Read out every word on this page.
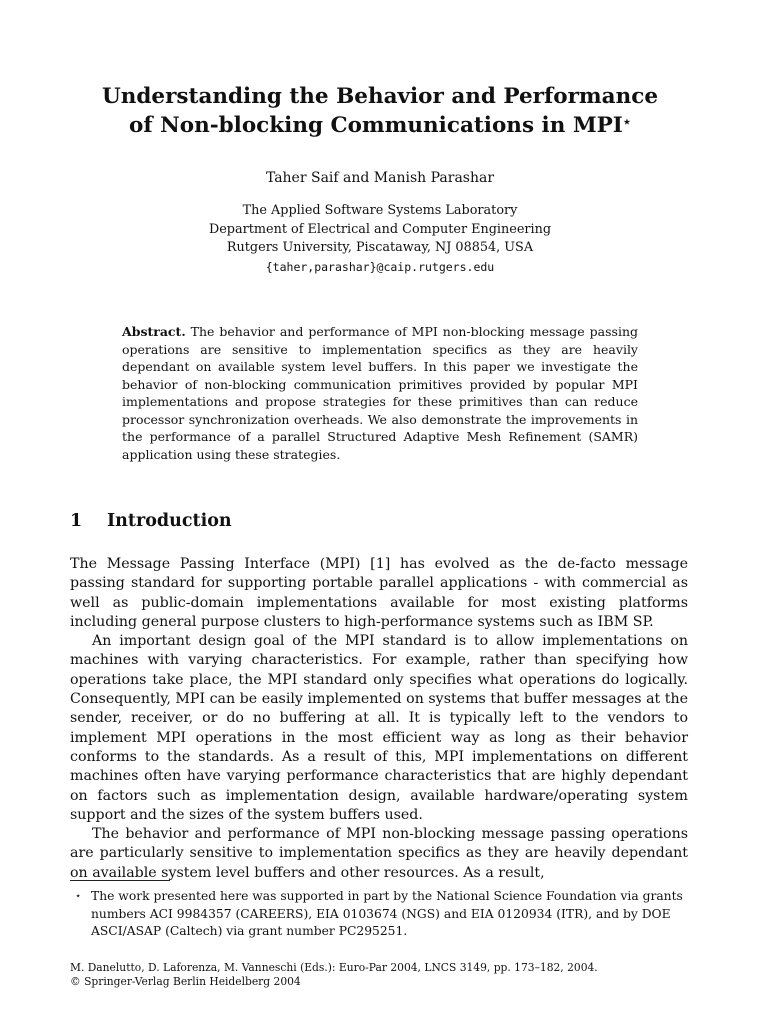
Understanding the Behavior and Performance
of Non-blocking Communications in MPI⋆
Taher Saif and Manish Parashar
The Applied Software Systems Laboratory
Department of Electrical and Computer Engineering
Rutgers University, Piscataway, NJ 08854, USA
{taher,parashar}@caip.rutgers.edu
Abstract. The behavior and performance of MPI non-blocking message passing operations are sensitive to implementation specifics as they are heavily dependant on available system level buffers. In this paper we investigate the behavior of non-blocking communication primitives provided by popular MPI implementations and propose strategies for these primitives than can reduce processor synchronization overheads. We also demonstrate the improvements in the performance of a parallel Structured Adaptive Mesh Refinement (SAMR) application using these strategies.
1 Introduction

The Message Passing Interface (MPI) [1] has evolved as the de-facto message passing standard for supporting portable parallel applications - with commercial as well as public-domain implementations available for most existing platforms including general purpose clusters to high-performance systems such as IBM SP.

An important design goal of the MPI standard is to allow implementations on machines with varying characteristics. For example, rather than specifying how operations take place, the MPI standard only specifies what operations do logically. Consequently, MPI can be easily implemented on systems that buffer messages at the sender, receiver, or do no buffering at all. It is typically left to the vendors to implement MPI operations in the most efficient way as long as their behavior conforms to the standards. As a result of this, MPI implementations on different machines often have varying performance characteristics that are highly dependant on factors such as implementation design, available hardware/operating system support and the sizes of the system buffers used.

The behavior and performance of MPI non-blocking message passing operations are particularly sensitive to implementation specifics as they are heavily dependant on available system level buffers and other resources. As a result,

⋆ The work presented here was supported in part by the National Science Foundation via grants numbers ACI 9984357 (CAREERS), EIA 0103674 (NGS) and EIA 0120934 (ITR), and by DOE ASCI/ASAP (Caltech) via grant number PC295251.
M. Danelutto, D. Laforenza, M. Vanneschi (Eds.): Euro-Par 2004, LNCS 3149, pp. 173–182, 2004.
© Springer-Verlag Berlin Heidelberg 2004
